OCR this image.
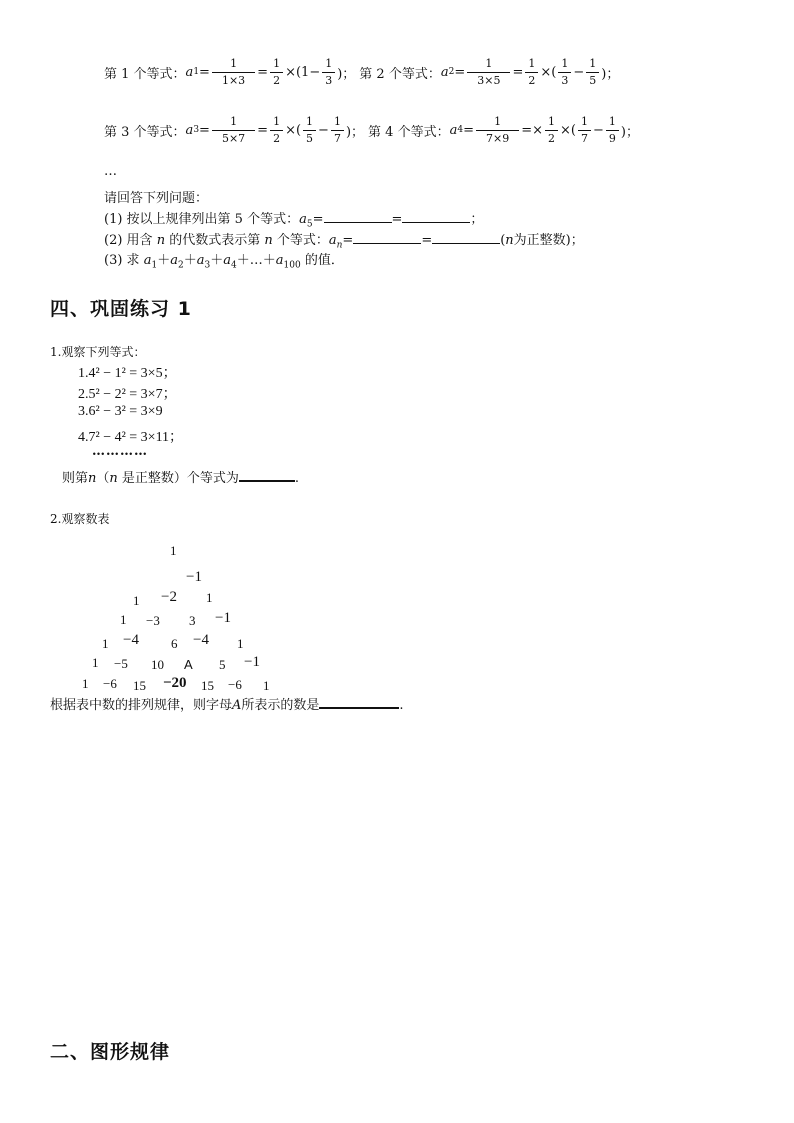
第 1 个等式： a $1 = \frac{1}{1\times 3} = \frac{1}{2} \times(1- \frac{1}{3}$ )； 第 2 个等式： a $2 = \frac{1}{3\times 5} = \frac{1}{2}$ ×( $\frac{1}{3} - \frac{1}{5}$ )；
第 3 个等式： a $3 = \frac{1}{5\times 7} = \frac{1}{2}$ ×( $\frac{1}{5} - \frac{1}{7}$ )； 第 4 个等式： a $4 = \frac{1}{7\times 9} =\times \frac{1}{2}$ ×( $\frac{1}{7} - \frac{1}{9}$ )；
…
请回答下列问题：
(1) 按以上规律列出第 5 个等式：$a_5=$	=	；
(2) 用含 n 的代数式表示第 n 个等式：$a_n=$	=	(n为正整数)；
(3) 求 $a_1+a_2+a_3+a_4+\dots+a_{100}$ 的值．
四、巩固练习 1
1.观察下列等式：
1.4² − 1² = 3×5；
2.5² − 2² = 3×7；
3.6² − 3² = 3×9
4.7² − 4² = 3×11；
…………
则第n（n 是正整数）个等式为	.
2.观察数表
1
−1
1 −2 1
1 −3 3 −1
1 −4 6 −4 1
1 −5 10 A 5 −1
1 −6 15 −20 15 −6 1
根据表中数的排列规律，则字母A所表示的数是	.
二、图形规律
